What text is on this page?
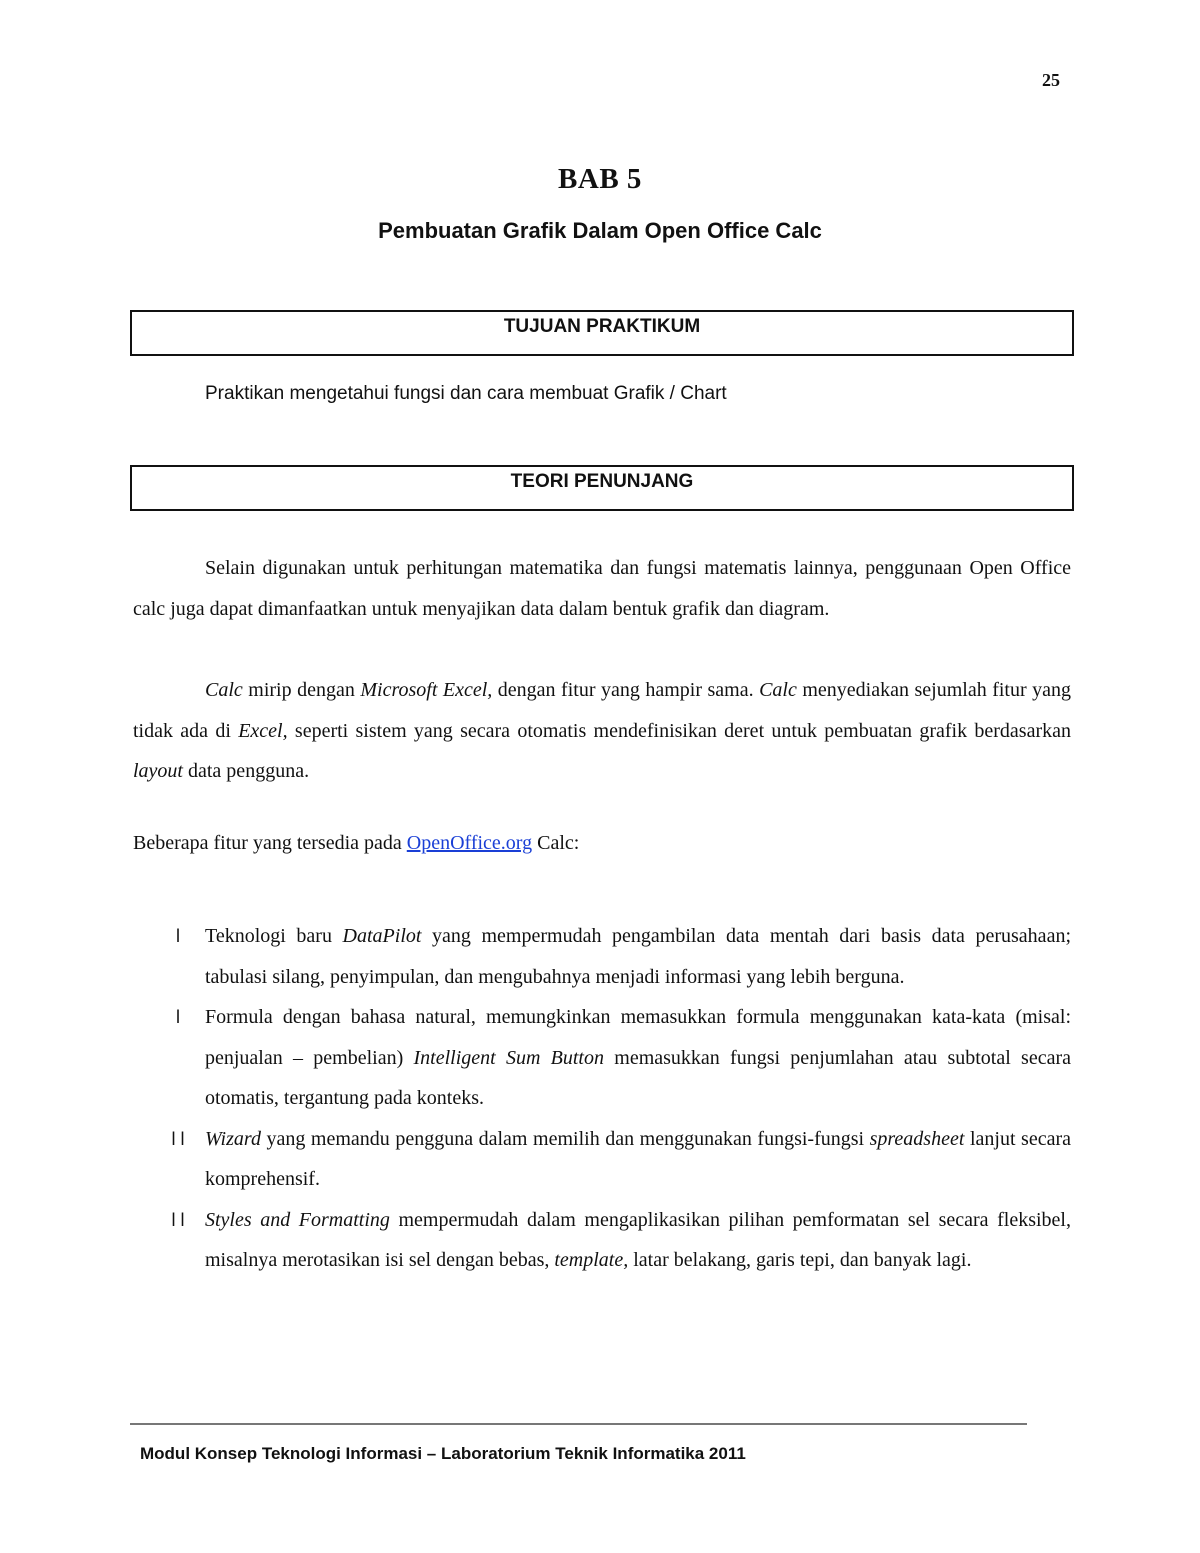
25
BAB 5
Pembuatan Grafik Dalam Open Office Calc
TUJUAN PRAKTIKUM
Praktikan mengetahui fungsi dan cara membuat Grafik / Chart
TEORI PENUNJANG
Selain digunakan untuk perhitungan matematika dan fungsi matematis lainnya, penggunaan Open Office calc juga dapat dimanfaatkan untuk menyajikan data dalam bentuk grafik dan diagram.
Calc mirip dengan Microsoft Excel, dengan fitur yang hampir sama. Calc menyediakan sejumlah fitur yang tidak ada di Excel, seperti sistem yang secara otomatis mendefinisikan deret untuk pembuatan grafik berdasarkan layout data pengguna.
Beberapa fitur yang tersedia pada OpenOffice.org Calc:
l	Teknologi baru DataPilot yang mempermudah pengambilan data mentah dari basis data perusahaan; tabulasi silang, penyimpulan, dan mengubahnya menjadi informasi yang lebih berguna.
l	Formula dengan bahasa natural, memungkinkan memasukkan formula menggunakan kata-kata (misal: penjualan – pembelian) Intelligent Sum Button memasukkan fungsi penjumlahan atau subtotal secara otomatis, tergantung pada konteks.
l l	Wizard yang memandu pengguna dalam memilih dan menggunakan fungsi-fungsi spreadsheet lanjut secara komprehensif.
l l	Styles and Formatting mempermudah dalam mengaplikasikan pilihan pemformatan sel secara fleksibel, misalnya merotasikan isi sel dengan bebas, template, latar belakang, garis tepi, dan banyak lagi.
Modul Konsep Teknologi Informasi – Laboratorium Teknik Informatika 2011
